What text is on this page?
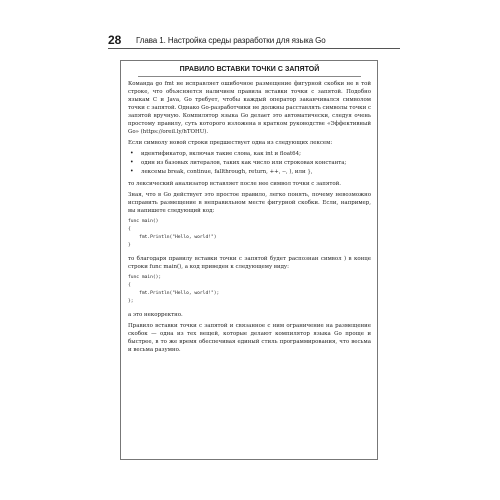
28	Глава 1. Настройка среды разработки для языка Go
ПРАВИЛО ВСТАВКИ ТОЧКИ С ЗАПЯТОЙ

Команда go fmt не исправляет ошибочное размещение фигурной скобки не в той строке, что объясняется наличием правила вставки точки с запятой. Подобно языкам C и Java, Go требует, чтобы каждый оператор заканчивался символом точки с запятой. Однако Go-разработчики не должны расставлять символы точки с запятой вручную. Компилятор языка Go делает это автоматически, следуя очень простому правилу, суть которого изложена в кратком руководстве «Эффективный Go» (https://oreil.ly/hTOHU).

Если символу новой строки предшествует одна из следующих лексем:

• идентификатор, включая такие слова, как int и float64;
• один из базовых литералов, таких как число или строковая константа;
• лексемы break, continue, fallthrough, return, ++, --, ), или },

то лексический анализатор вставляет после нее символ точки с запятой.

Зная, что в Go действует это простое правило, легко понять, почему невозможно исправить размещение в неправильном месте фигурной скобки. Если, например, вы напишете следующий код:

func main()
{
fmt.Println("Hello, world!")
}

то благодаря правилу вставки точки с запятой будет распознан символ ) в конце строки func main(), а код приведен к следующему виду:

func main();
{
fmt.Println("Hello, world!");
};

а это некорректно.

Правило вставки точки с запятой и связанное с ним ограничение на размещение скобок — одна из тех вещей, которые делают компилятор языка Go проще и быстрее, в то же время обеспечивая единый стиль программирования, что весьма и весьма разумно.
